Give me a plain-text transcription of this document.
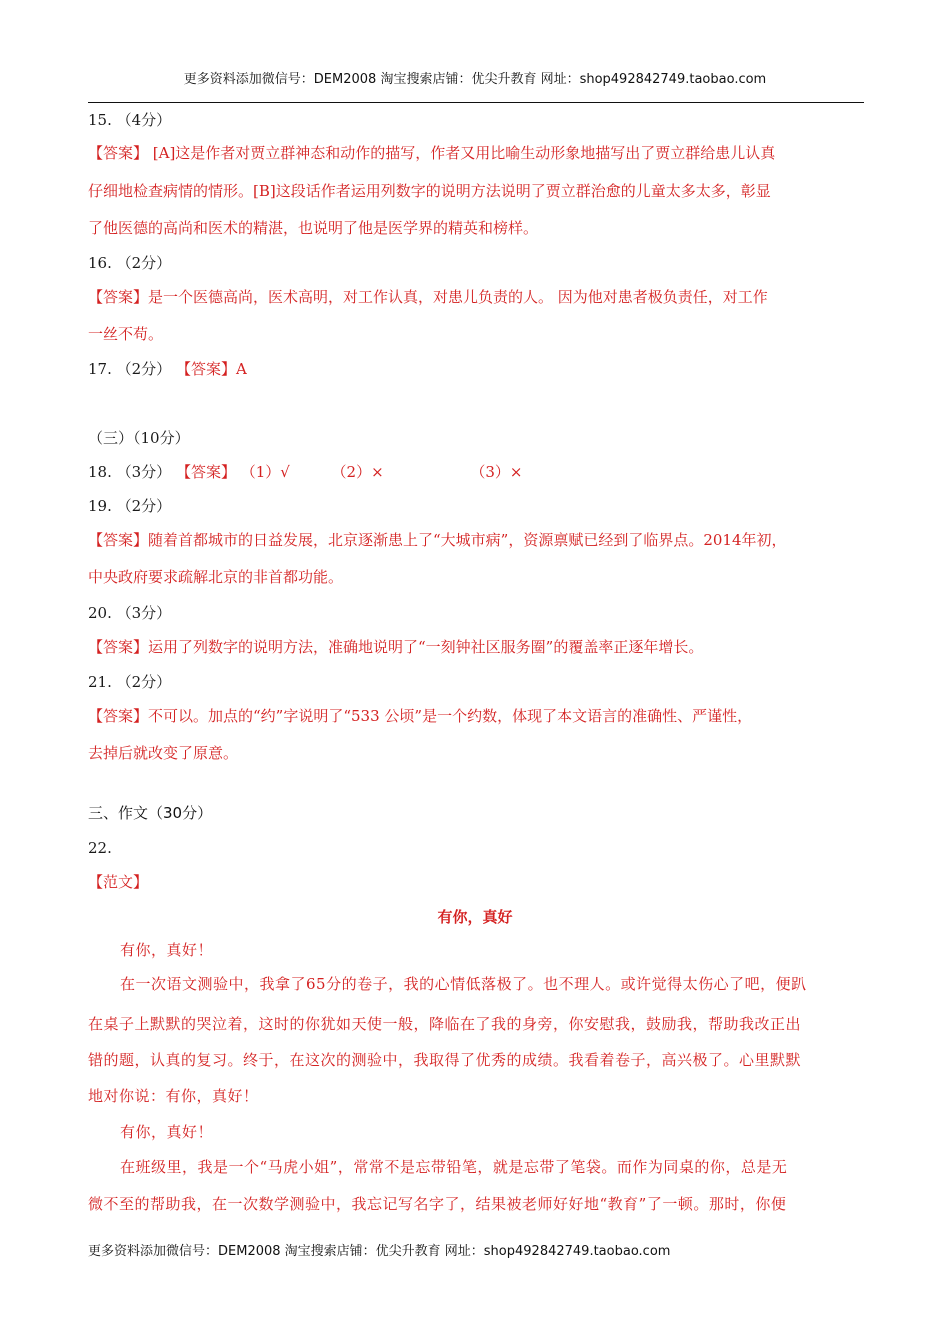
更多资料添加微信号：DEM2008 淘宝搜索店铺：优尖升教育 网址：shop492842749.taobao.com
15. （4分）
【答案】 [A]这是作者对贾立群神态和动作的描写，作者又用比喻生动形象地描写出了贾立群给患儿认真
仔细地检查病情的情形。[B]这段话作者运用列数字的说明方法说明了贾立群治愈的儿童太多太多，彰显
了他医德的高尚和医术的精湛，也说明了他是医学界的精英和榜样。
16. （2分）
【答案】是一个医德高尚，医术高明，对工作认真，对患儿负责的人。 因为他对患者极负责任，对工作
一丝不苟。
17. （2分） 【答案】A
（三）（10分）
18. （3分） 【答案】 （1）√	（2）×	（3）×
19. （2分）
【答案】随着首都城市的日益发展，北京逐渐患上了“大城市病”，资源禀赋已经到了临界点。2014年初，
中央政府要求疏解北京的非首都功能。
20. （3分）
【答案】运用了列数字的说明方法，准确地说明了“一刻钟社区服务圈”的覆盖率正逐年增长。
21. （2分）
【答案】不可以。加点的“约”字说明了“533 公顷”是一个约数，体现了本文语言的准确性、严谨性，
去掉后就改变了原意。
三、作文（30分）
22.
【范文】
有你，真好
有你，真好！
在一次语文测验中，我拿了65分的卷子，我的心情低落极了。也不理人。或许觉得太伤心了吧，便趴
在桌子上默默的哭泣着，这时的你犹如天使一般，降临在了我的身旁，你安慰我，鼓励我，帮助我改正出
错的题，认真的复习。终于，在这次的测验中，我取得了优秀的成绩。我看着卷子，高兴极了。心里默默
地对你说：有你，真好！
有你，真好！
在班级里，我是一个“马虎小姐”，常常不是忘带铅笔，就是忘带了笔袋。而作为同桌的你，总是无
微不至的帮助我，在一次数学测验中，我忘记写名字了，结果被老师好好地“教育”了一顿。那时，你便
更多资料添加微信号：DEM2008 淘宝搜索店铺：优尖升教育 网址：shop492842749.taobao.com
